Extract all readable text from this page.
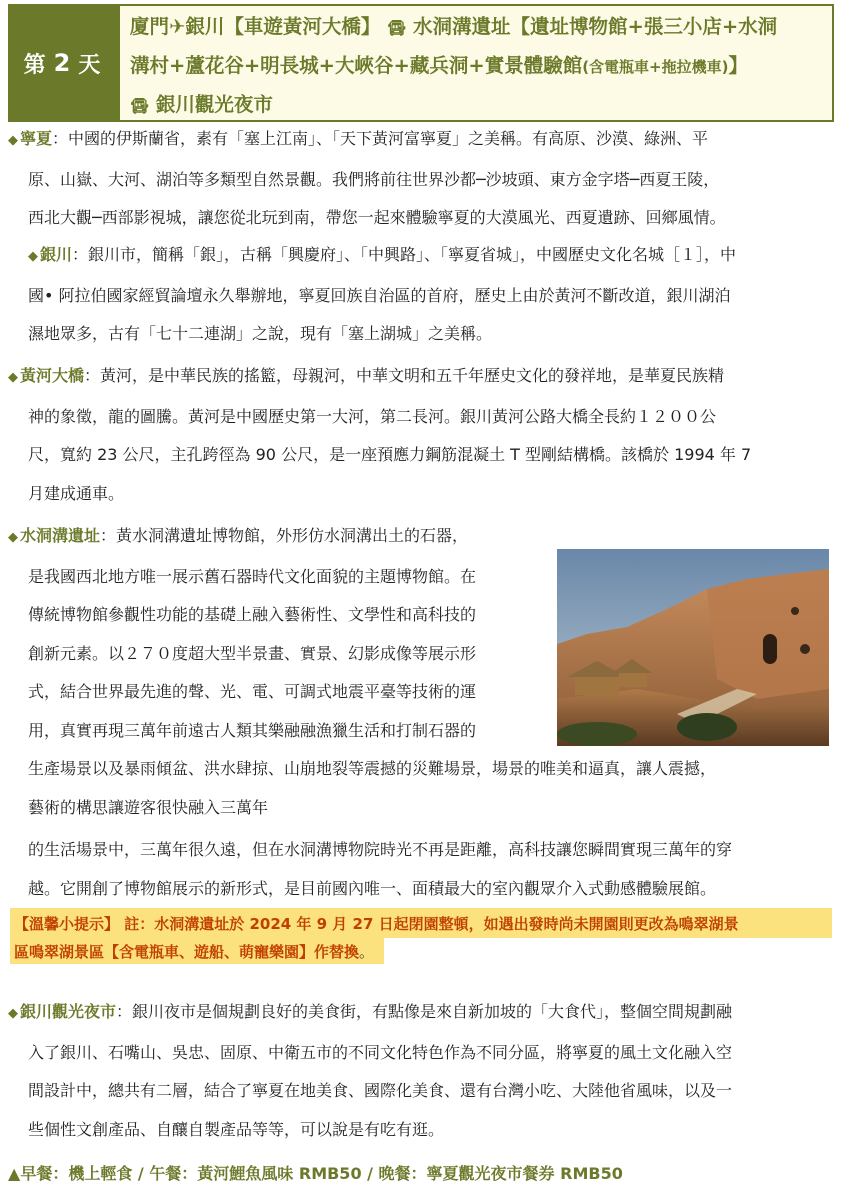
第 2 天
廈門✈銀川【車遊黃河大橋】 🚍︎ 水洞溝遺址【遺址博物館+張三小店+水洞
溝村+蘆花谷+明長城+大峽谷+藏兵洞+實景體驗館(含電瓶車+拖拉機車)】
🚍︎ 銀川觀光夜市
◆ 寧夏：中國的伊斯蘭省，素有「塞上江南」、「天下黃河富寧夏」之美稱。有高原、沙漠、綠洲、平
原、山嶽、大河、湖泊等多類型自然景觀。我們將前往世界沙都─沙坡頭、東方金字塔─西夏王陵，
西北大觀─西部影視城，讓您從北玩到南，帶您一起來體驗寧夏的大漠風光、西夏遺跡、回鄉風情。
◆ 銀川：銀川市，簡稱「銀」，古稱「興慶府」、「中興路」、「寧夏省城」，中國歷史文化名城［１］，中
國• 阿拉伯國家經貿論壇永久舉辦地，寧夏回族自治區的首府，歷史上由於黃河不斷改道，銀川湖泊
濕地眾多，古有「七十二連湖」之說，現有「塞上湖城」之美稱。
◆ 黃河大橋：黃河，是中華民族的搖籃，母親河，中華文明和五千年歷史文化的發祥地，是華夏民族精
神的象徵，龍的圖騰。黃河是中國歷史第一大河，第二長河。銀川黃河公路大橋全長約１２００公
尺，寬約 23 公尺，主孔跨徑為 90 公尺，是一座預應力鋼筋混凝土 T 型剛結構橋。該橋於 1994 年 7
月建成通車。
◆ 水洞溝遺址：黃水洞溝遺址博物館，外形仿水洞溝出土的石器，
是我國西北地方唯一展示舊石器時代文化面貌的主題博物館。在
傳統博物館參觀性功能的基礎上融入藝術性、文學性和高科技的
創新元素。以２７０度超大型半景畫、實景、幻影成像等展示形
式，結合世界最先進的聲、光、電、可調式地震平臺等技術的運
用，真實再現三萬年前遠古人類其樂融融漁獵生活和打制石器的
生產場景以及暴雨傾盆、洪水肆掠、山崩地裂等震撼的災難場景，場景的唯美和逼真，讓人震撼，
藝術的構思讓遊客很快融入三萬年
的生活場景中，三萬年很久遠，但在水洞溝博物院時光不再是距離，高科技讓您瞬間實現三萬年的穿
越。它開創了博物館展示的新形式，是目前國內唯一、面積最大的室內觀眾介入式動感體驗展館。
【溫馨小提示】 註：水洞溝遺址於 2024 年 9 月 27 日起閉園整頓，如遇出發時尚未開園則更改為鳴翠湖景
區鳴翠湖景區【含電瓶車、遊船、萌寵樂園】作替換。
◆ 銀川觀光夜市：銀川夜市是個規劃良好的美食街，有點像是來自新加坡的「大食代」，整個空間規劃融
入了銀川、石嘴山、吳忠、固原、中衛五市的不同文化特色作為不同分區，將寧夏的風土文化融入空
間設計中，總共有二層，結合了寧夏在地美食、國際化美食、還有台灣小吃、大陸他省風味，以及一
些個性文創產品、自釀自製產品等等，可以說是有吃有逛。
▲早餐：機上輕食 / 午餐：黃河鯉魚風味 RMB50 / 晚餐：寧夏觀光夜市餐券 RMB50
